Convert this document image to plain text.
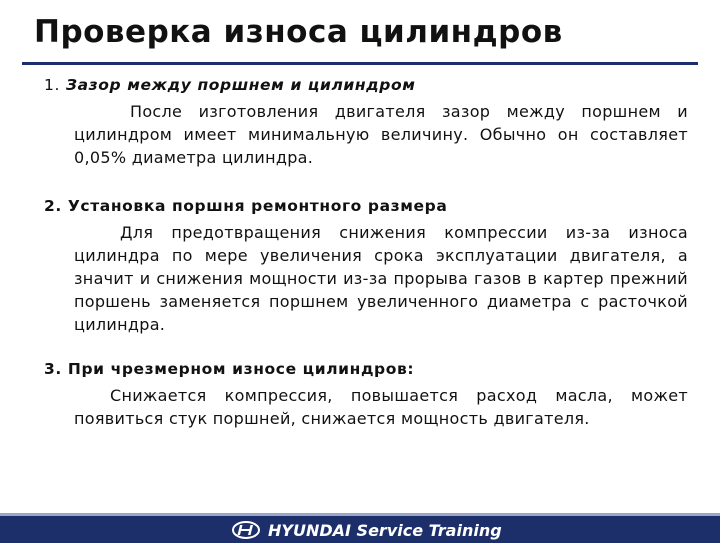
Проверка износа цилиндров
1. Зазор между поршнем и цилиндром
После изготовления двигателя зазор между поршнем и цилиндром имеет минимальную величину. Обычно он составляет 0,05% диаметра цилиндра.
2. Установка поршня ремонтного размера
Для предотвращения снижения компрессии из-за износа цилиндра по мере увеличения срока эксплуатации двигателя, а значит и снижения мощности из-за прорыва газов в картер прежний поршень заменяется поршнем увеличенного диаметра с расточкой цилиндра.
3. При чрезмерном износе цилиндров:
Снижается компрессия, повышается расход масла, может появиться стук поршней, снижается мощность двигателя.
HYUNDAI Service Training
